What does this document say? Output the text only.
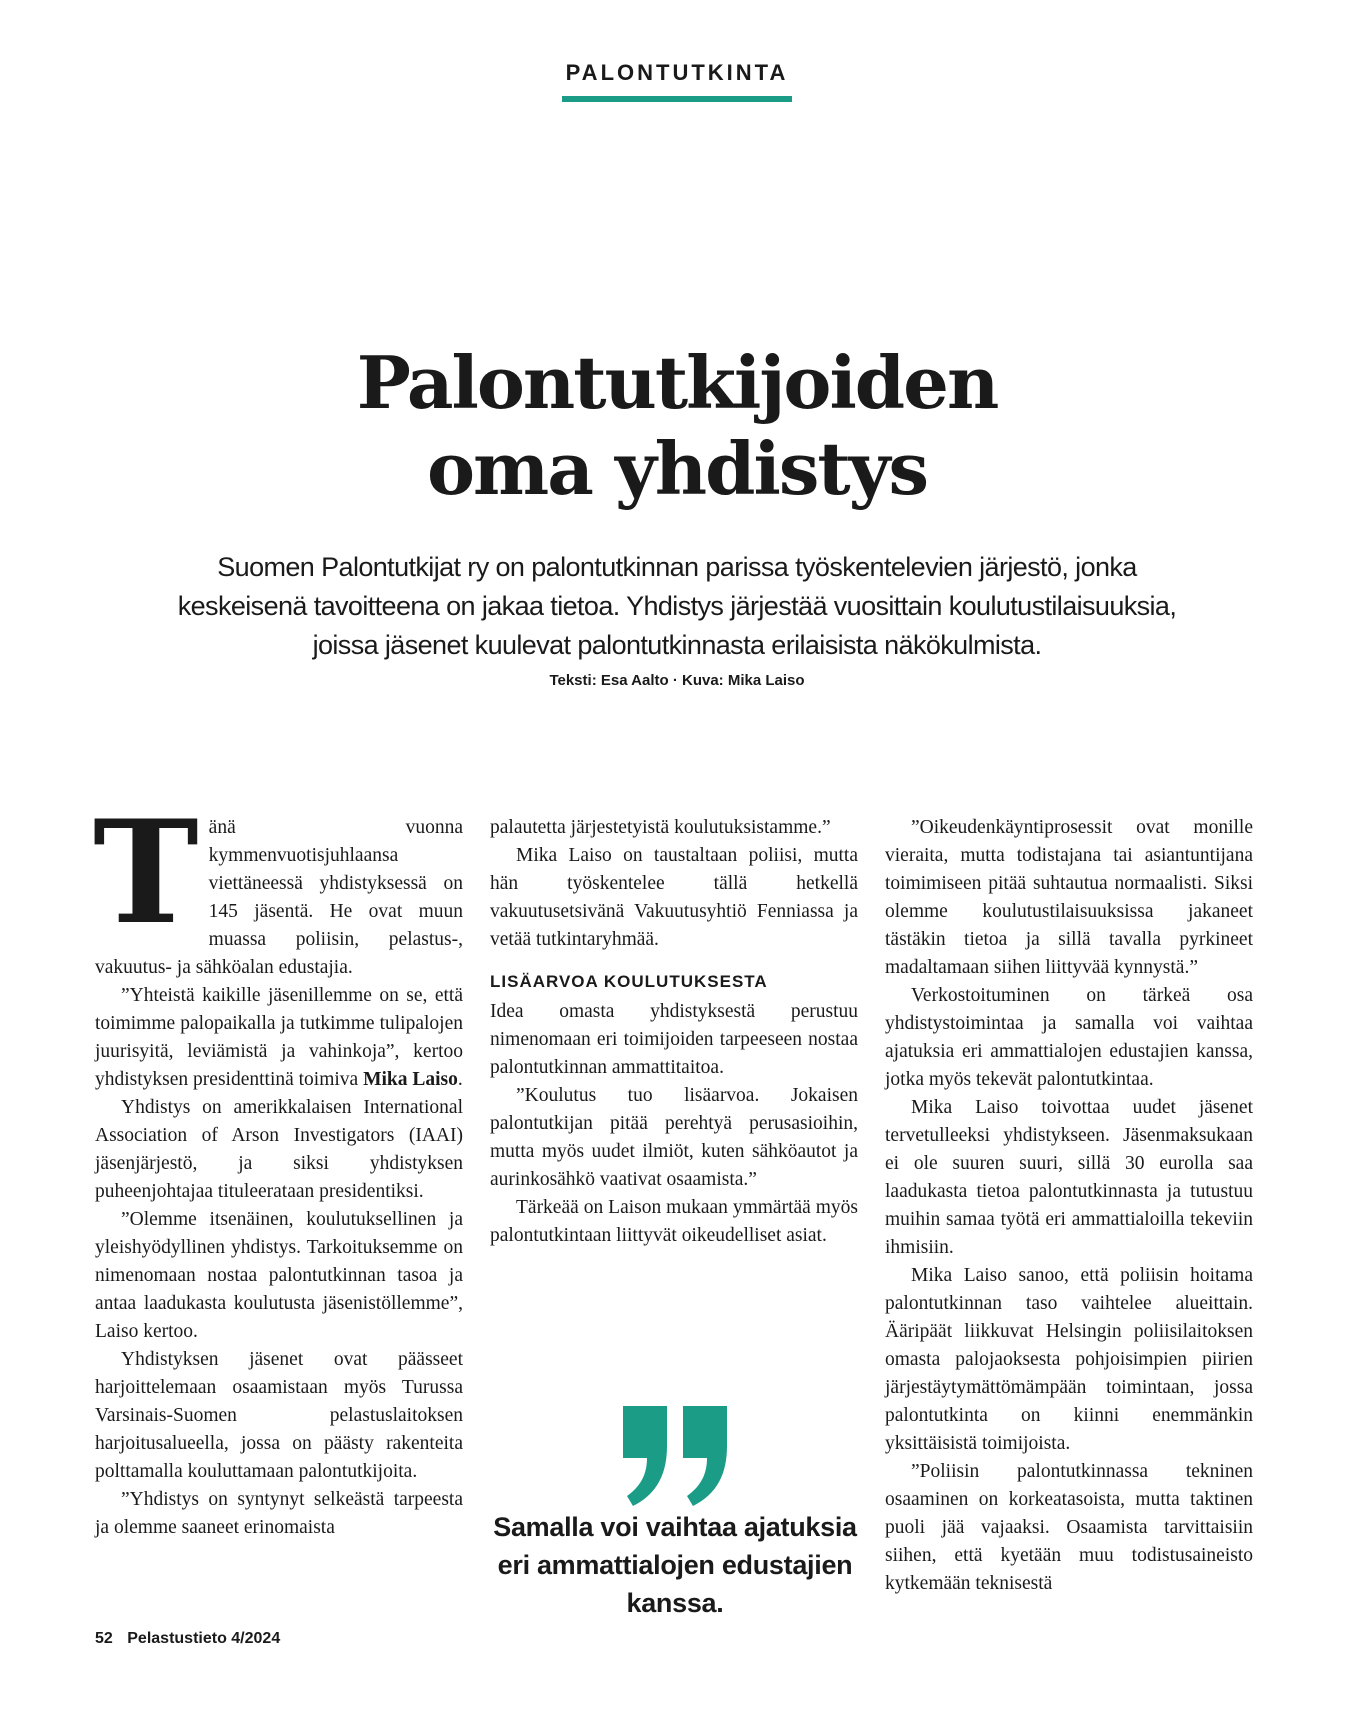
PALONTUTKINTA
Palontutkijoiden
oma yhdistys

Suomen Palontutkijat ry on palontutkinnan parissa työskentelevien järjestö, jonka keskeisenä tavoitteena on jakaa tietoa. Yhdistys järjestää vuosittain koulutustilaisuuksia, joissa jäsenet kuulevat palontutkinnasta erilaisista näkökulmista.

Teksti: Esa Aalto · Kuva: Mika Laiso

Tänä vuonna kymmenvuotisjuhlaansa viettäneessä yhdistyksessä on 145 jäsentä. He ovat muun muassa poliisin, pelastus-, vakuutus- ja sähköalan edustajia.

”Yhteistä kaikille jäsenillemme on se, että toimimme palopaikalla ja tutkimme tulipalojen juurisyitä, leviämistä ja vahinkoja”, kertoo yhdistyksen presidenttinä toimiva Mika Laiso.

Yhdistys on amerikkalaisen International Association of Arson Investigators (IAAI) jäsenjärjestö, ja siksi yhdistyksen puheenjohtajaa tituleerataan presidentiksi.

”Olemme itsenäinen, koulutuksellinen ja yleishyödyllinen yhdistys. Tarkoituksemme on nimenomaan nostaa palontutkinnan tasoa ja antaa laadukasta koulutusta jäsenistöllemme”, Laiso kertoo.

Yhdistyksen jäsenet ovat päässeet harjoittelemaan osaamistaan myös Turussa Varsinais-Suomen pelastuslaitoksen harjoitusalueella, jossa on päästy rakenteita polttamalla kouluttamaan palontutkijoita.

”Yhdistys on syntynyt selkeästä tarpeesta ja olemme saaneet erinomaista

palautetta järjestetyistä koulutuksistamme.”

Mika Laiso on taustaltaan poliisi, mutta hän työskentelee tällä hetkellä vakuutusetsivänä Vakuutusyhtiö Fenniassa ja vetää tutkintaryhmää.

LISÄARVOA KOULUTUKSESTA

Idea omasta yhdistyksestä perustuu nimenomaan eri toimijoiden tarpeeseen nostaa palontutkinnan ammattitaitoa.

”Koulutus tuo lisäarvoa. Jokaisen palontutkijan pitää perehtyä perusasioihin, mutta myös uudet ilmiöt, kuten sähköautot ja aurinkosähkö vaativat osaamista.”

Tärkeää on Laison mukaan ymmärtää myös palontutkintaan liittyvät oikeudelliset asiat.

Samalla voi vaihtaa ajatuksia eri ammattialojen edustajien kanssa.

”Oikeudenkäyntiprosessit ovat monille vieraita, mutta todistajana tai asiantuntijana toimimiseen pitää suhtautua normaalisti. Siksi olemme koulutustilaisuuksissa jakaneet tästäkin tietoa ja sillä tavalla pyrkineet madaltamaan siihen liittyvää kynnystä.”

Verkostoituminen on tärkeä osa yhdistystoimintaa ja samalla voi vaihtaa ajatuksia eri ammattialojen edustajien kanssa, jotka myös tekevät palontutkintaa.

Mika Laiso toivottaa uudet jäsenet tervetulleeksi yhdistykseen. Jäsenmaksukaan ei ole suuren suuri, sillä 30 eurolla saa laadukasta tietoa palontutkinnasta ja tutustuu muihin samaa työtä eri ammattialoilla tekeviin ihmisiin.

Mika Laiso sanoo, että poliisin hoitama palontutkinnan taso vaihtelee alueittain. Ääripäät liikkuvat Helsingin poliisilaitoksen omasta palojaoksesta pohjoisimpien piirien järjestäytymättömämpään toimintaan, jossa palontutkinta on kiinni enemmänkin yksittäisistä toimijoista.

”Poliisin palontutkinnassa tekninen osaaminen on korkeatasoista, mutta taktinen puoli jää vajaaksi. Osaamista tarvittaisiin siihen, että kyetään muu todistusaineisto kytkemään teknisestä

52 Pelastustieto 4/2024
